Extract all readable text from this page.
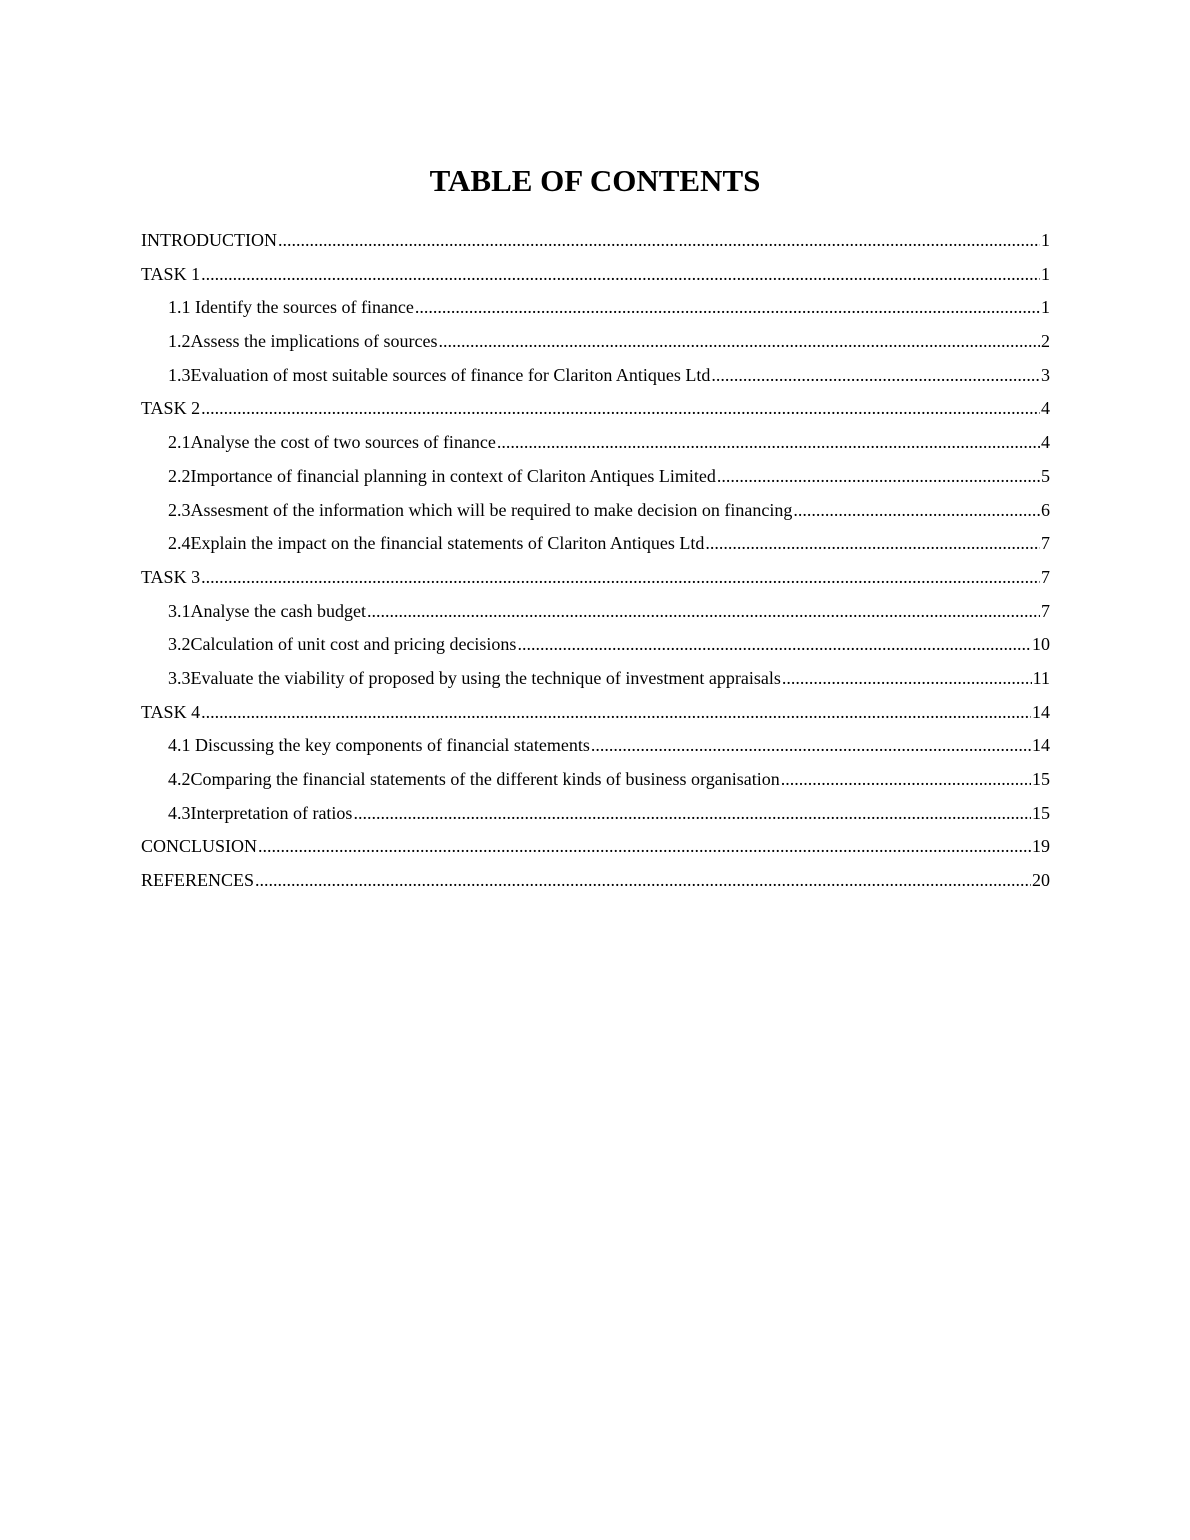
TABLE OF CONTENTS
INTRODUCTION .....	1
TASK 1 .....	1
1.1 Identify the sources of finance .....	1
1.2Assess the implications of sources .....	2
1.3Evaluation of most suitable sources of finance for Clariton Antiques Ltd .....	3
TASK 2 .....	4
2.1Analyse the cost of two sources of finance .....	4
2.2Importance of financial planning in context of Clariton Antiques Limited .....	5
2.3Assesment of the information which will be required to make decision on financing .....	6
2.4Explain the impact on the financial statements of Clariton Antiques Ltd .....	7
TASK 3 .....	7
3.1Analyse the cash budget .....	7
3.2Calculation of unit cost and pricing decisions .....	10
3.3Evaluate the viability of proposed by using the technique of investment appraisals .....	11
TASK 4 .....	14
4.1 Discussing the key components of financial statements .....	14
4.2Comparing the financial statements of the different kinds of business organisation .....	15
4.3Interpretation of ratios .....	15
CONCLUSION .....	19
REFERENCES .....	20
